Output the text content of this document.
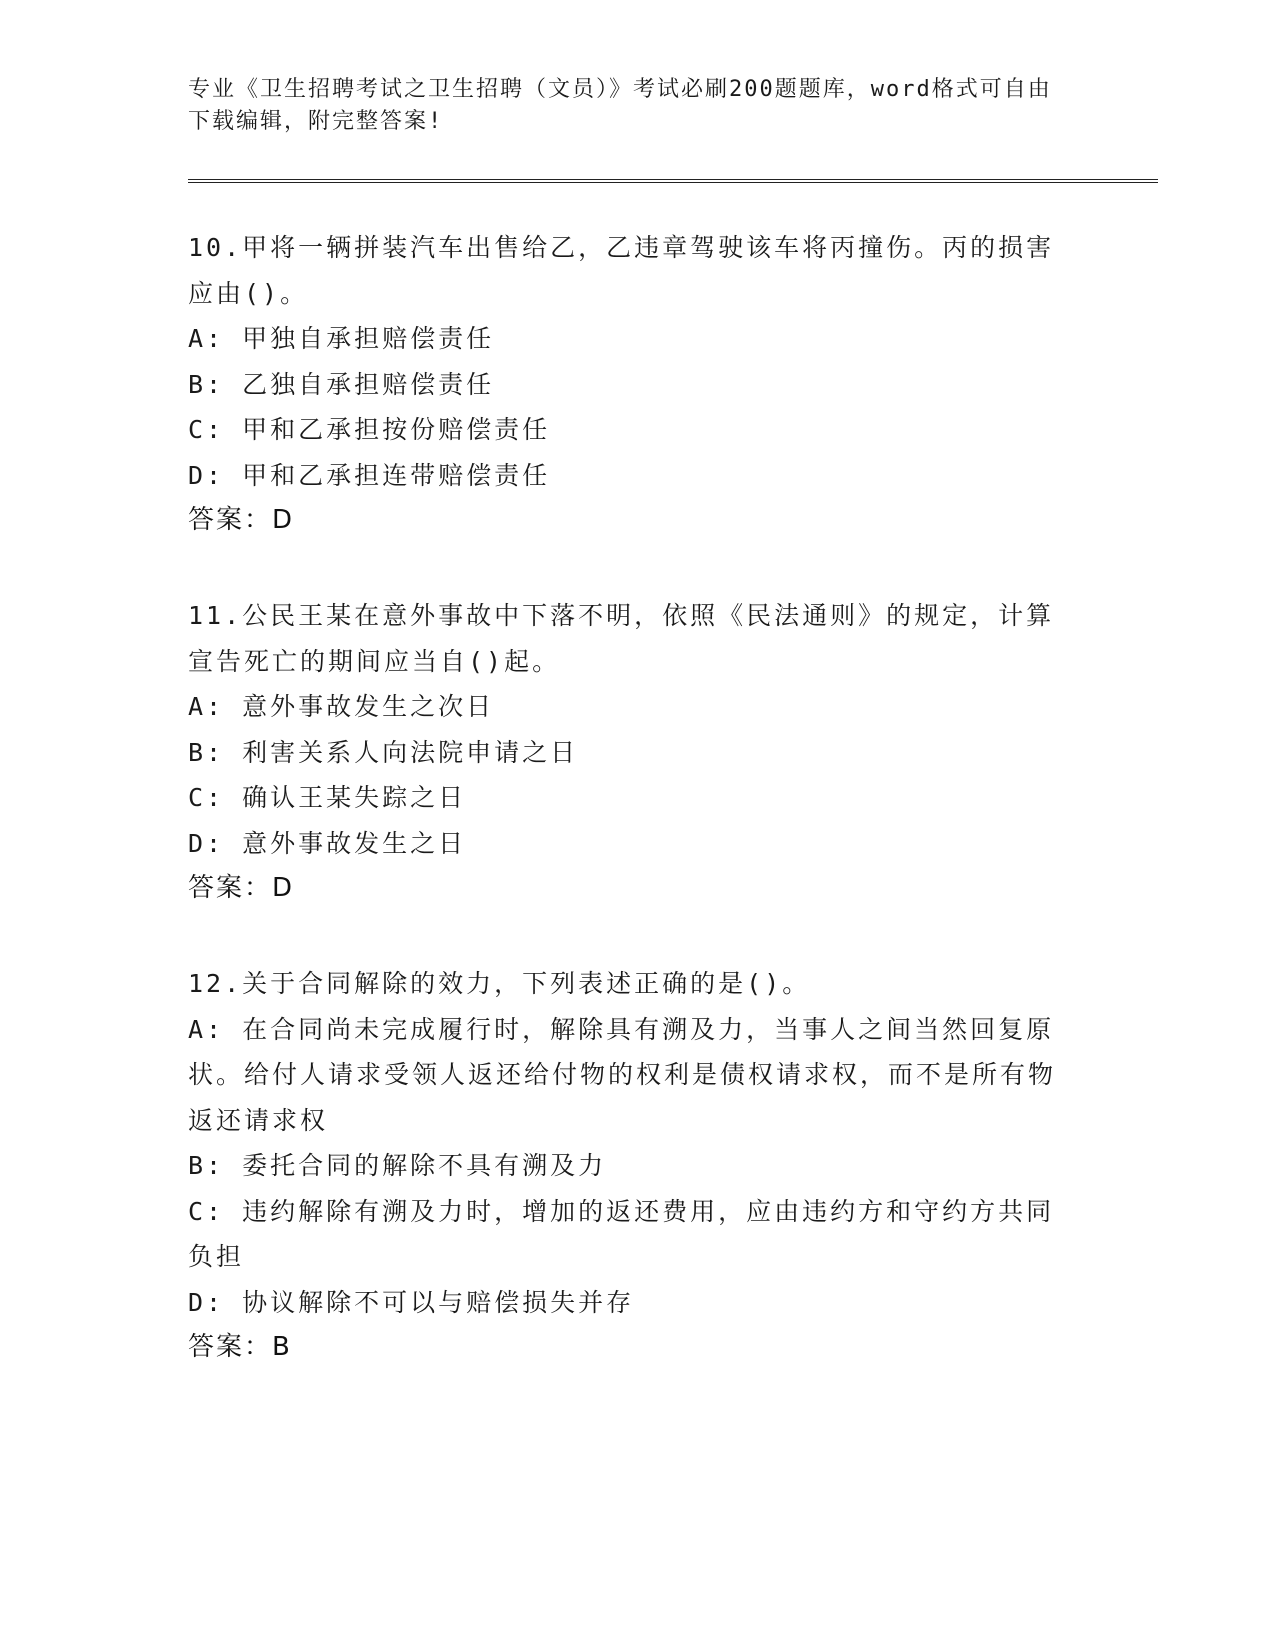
专业《卫生招聘考试之卫生招聘（文员）》考试必刷200题题库，word格式可自由下载编辑，附完整答案!
10.甲将一辆拼装汽车出售给乙，乙违章驾驶该车将丙撞伤。丙的损害应由()。
A: 甲独自承担赔偿责任
B: 乙独自承担赔偿责任
C: 甲和乙承担按份赔偿责任
D: 甲和乙承担连带赔偿责任
答案：D
11.公民王某在意外事故中下落不明，依照《民法通则》的规定，计算宣告死亡的期间应当自()起。
A: 意外事故发生之次日
B: 利害关系人向法院申请之日
C: 确认王某失踪之日
D: 意外事故发生之日
答案：D
12.关于合同解除的效力，下列表述正确的是()。
A: 在合同尚未完成履行时，解除具有溯及力，当事人之间当然回复原状。给付人请求受领人返还给付物的权利是债权请求权，而不是所有物返还请求权
B: 委托合同的解除不具有溯及力
C: 违约解除有溯及力时，增加的返还费用，应由违约方和守约方共同负担
D: 协议解除不可以与赔偿损失并存
答案：B
